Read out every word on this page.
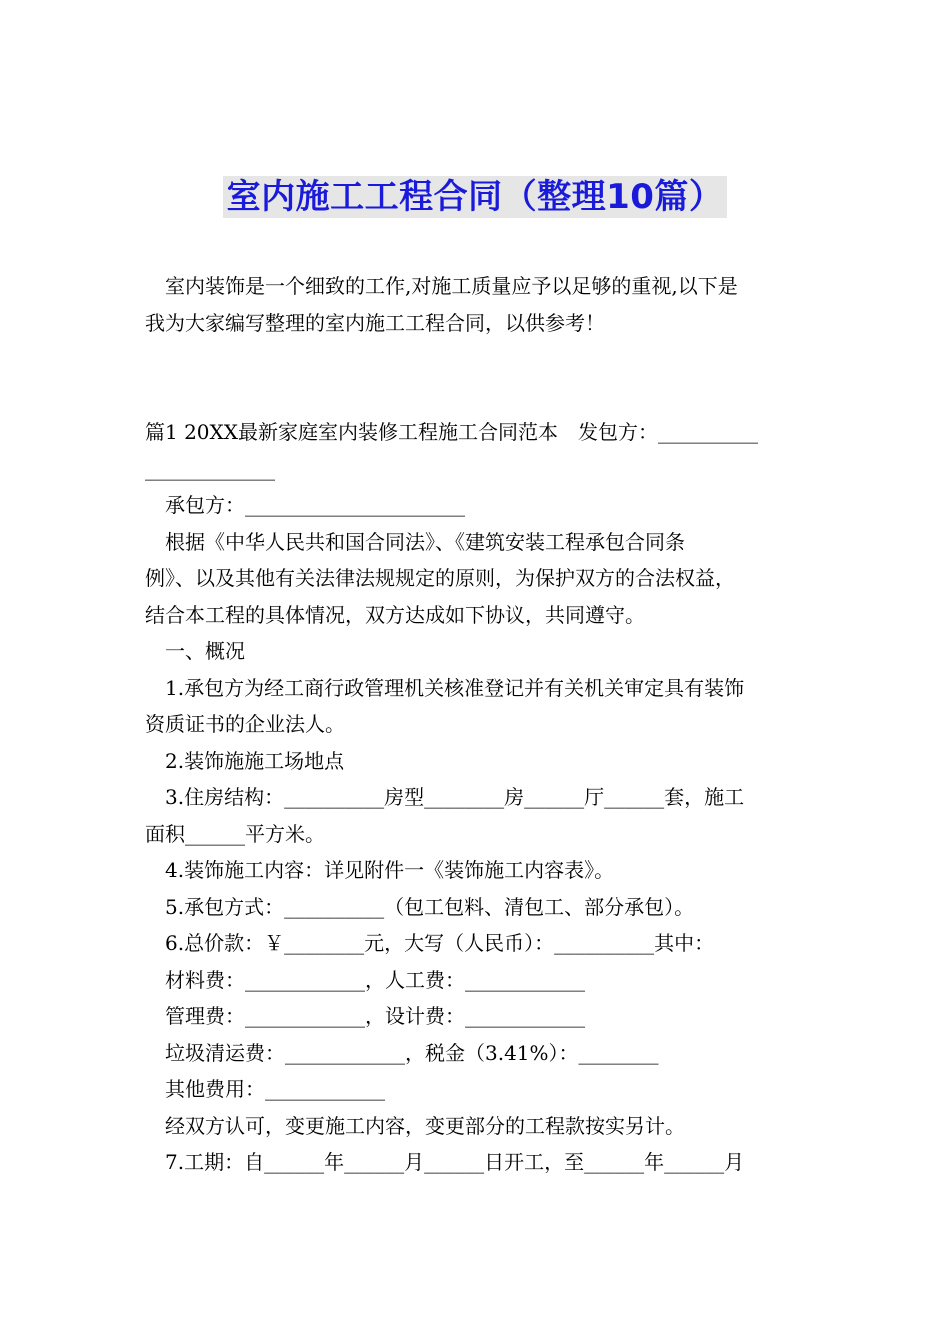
室内施工工程合同（整理10篇）
室内装饰是一个细致的工作,对施工质量应予以足够的重视,以下是
我为大家编写整理的室内施工工程合同，以供参考！
篇1 20XX最新家庭室内装修工程施工合同范本　发包方：__________
_____________
承包方：______________________
根据《中华人民共和国合同法》、《建筑安装工程承包合同条
例》、以及其他有关法律法规规定的原则，为保护双方的合法权益，
结合本工程的具体情况，双方达成如下协议，共同遵守。
一、概况
1.承包方为经工商行政管理机关核准登记并有关机关审定具有装饰
资质证书的企业法人。
2.装饰施施工场地点
3.住房结构：__________房型________房______厅______套，施工
面积______平方米。
4.装饰施工内容：详见附件一《装饰施工内容表》。
5.承包方式：__________（包工包料、清包工、部分承包）。
6.总价款：￥________元，大写（人民币）：__________其中：
材料费：____________，人工费：____________
管理费：____________，设计费：____________
垃圾清运费：____________，税金（3.41%）：________
其他费用：____________
经双方认可，变更施工内容，变更部分的工程款按实另计。
7.工期：自______年______月______日开工，至______年______月
